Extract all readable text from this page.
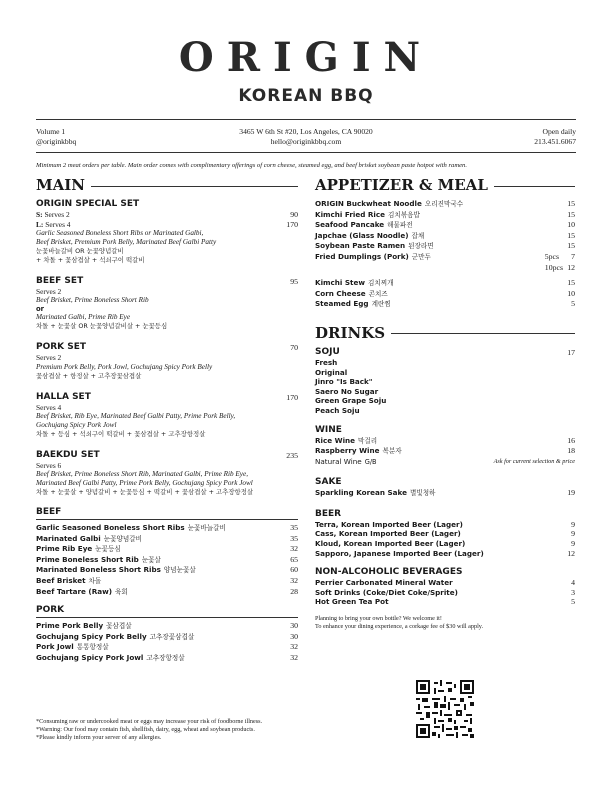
ORIGIN
KOREAN BBQ
Volume 1
@originkbbq
3465 W 6th St #20, Los Angeles, CA 90020
hello@originkbbq.com
Open daily
213.451.6067
Minimum 2 meat orders per table. Main order comes with complimentary offerings of corn cheese, steamed egg, and beef brisket soybean paste hotpot with ramen.
MAIN
ORIGIN SPECIAL SET
S: Serves 2	90
L: Serves 4	170
Garlic Seasoned Boneless Short Ribs or Marinated Galbi,
Beef Brisket, Premium Pork Belly, Marinated Beef Galbi Patty
눈꽃바늘갈비 OR 눈꽃양념갈비
+ 차돌 + 꽃삼겹살 + 석쇠구이 떡갈비
BEEF SET	95
Serves 2
Beef Brisket, Prime Boneless Short Rib
or
Marinated Galbi, Prime Rib Eye
차돌 + 눈꽃살 OR 눈꽃양념갈비살 + 눈꽃등심
PORK SET	70
Serves 2
Premium Pork Belly, Pork Jowl, Gochujang Spicy Pork Belly
꽃삼겹살 + 항정살 + 고추장꽃삼겹살
HALLA SET	170
Serves 4
Beef Brisket, Rib Eye, Marinated Beef Galbi Patty, Prime Pork Belly,
Gochujang Spicy Pork Jowl
차돌 + 등심 + 석쇠구이 떡갈비 + 꽃삼겹살 + 고추장항정살
BAEKDU SET	235
Serves 6
Beef Brisket, Prime Boneless Short Rib, Marinated Galbi, Prime Rib Eye,
Marinated Beef Galbi Patty, Prime Pork Belly, Gochujang Spicy Pork Jowl
차돌 + 눈꽃살 + 양념갈비 + 눈꽃등심 + 떡갈비 + 꽃삼겹살 + 고추장항정살
BEEF
Garlic Seasoned Boneless Short Ribs 눈꽃바늘갈비	35
Marinated Galbi 눈꽃양념갈비	35
Prime Rib Eye 눈꽃등심	32
Prime Boneless Short Rib 눈꽃살	65
Marinated Boneless Short Ribs 양념눈꽃살	60
Beef Brisket 차돌	32
Beef Tartare (Raw) 육회	28
PORK
Prime Pork Belly 꽃삼겹살	30
Gochujang Spicy Pork Belly 고추장꽃삼겹살	30
Pork Jowl 통통항정살	32
Gochujang Spicy Pork Jowl 고추장항정살	32
*Consuming raw or undercooked meat or eggs may increase your risk of foodborne illness.
*Warning: Our food may contain fish, shellfish, dairy, egg, wheat and soybean products.
*Please kindly inform your server of any allergies.
APPETIZER & MEAL
ORIGIN Buckwheat Noodle 오리진막국수	15
Kimchi Fried Rice 김치볶음밥	15
Seafood Pancake 해물파전	10
Japchae (Glass Noodle) 잡채	15
Soybean Paste Ramen 된장라면	15
Fried Dumplings (Pork) 군만두	5pcs	7
10pcs 12
Kimchi Stew 김치찌개	15
Corn Cheese 콘치즈	10
Steamed Egg 계란찜	5
DRINKS
SOJU	17
Fresh
Original
Jinro "Is Back"
Saero No Sugar
Green Grape Soju
Peach Soju
WINE
Rice Wine 막걸리	16
Raspberry Wine 복분자	18
Natural Wine G/B	Ask for current selection & price
SAKE
Sparkling Korean Sake 별빛청하	19
BEER
Terra, Korean Imported Beer (Lager)	9
Cass, Korean Imported Beer (Lager)	9
Kloud, Korean Imported Beer (Lager)	9
Sapporo, Japanese Imported Beer (Lager)	12
NON-ALCOHOLIC BEVERAGES
Perrier Carbonated Mineral Water	4
Soft Drinks (Coke/Diet Coke/Sprite)	3
Hot Green Tea Pot	5
Planning to bring your own bottle? We welcome it!
To enhance your dining experience, a corkage fee of $30 will apply.
